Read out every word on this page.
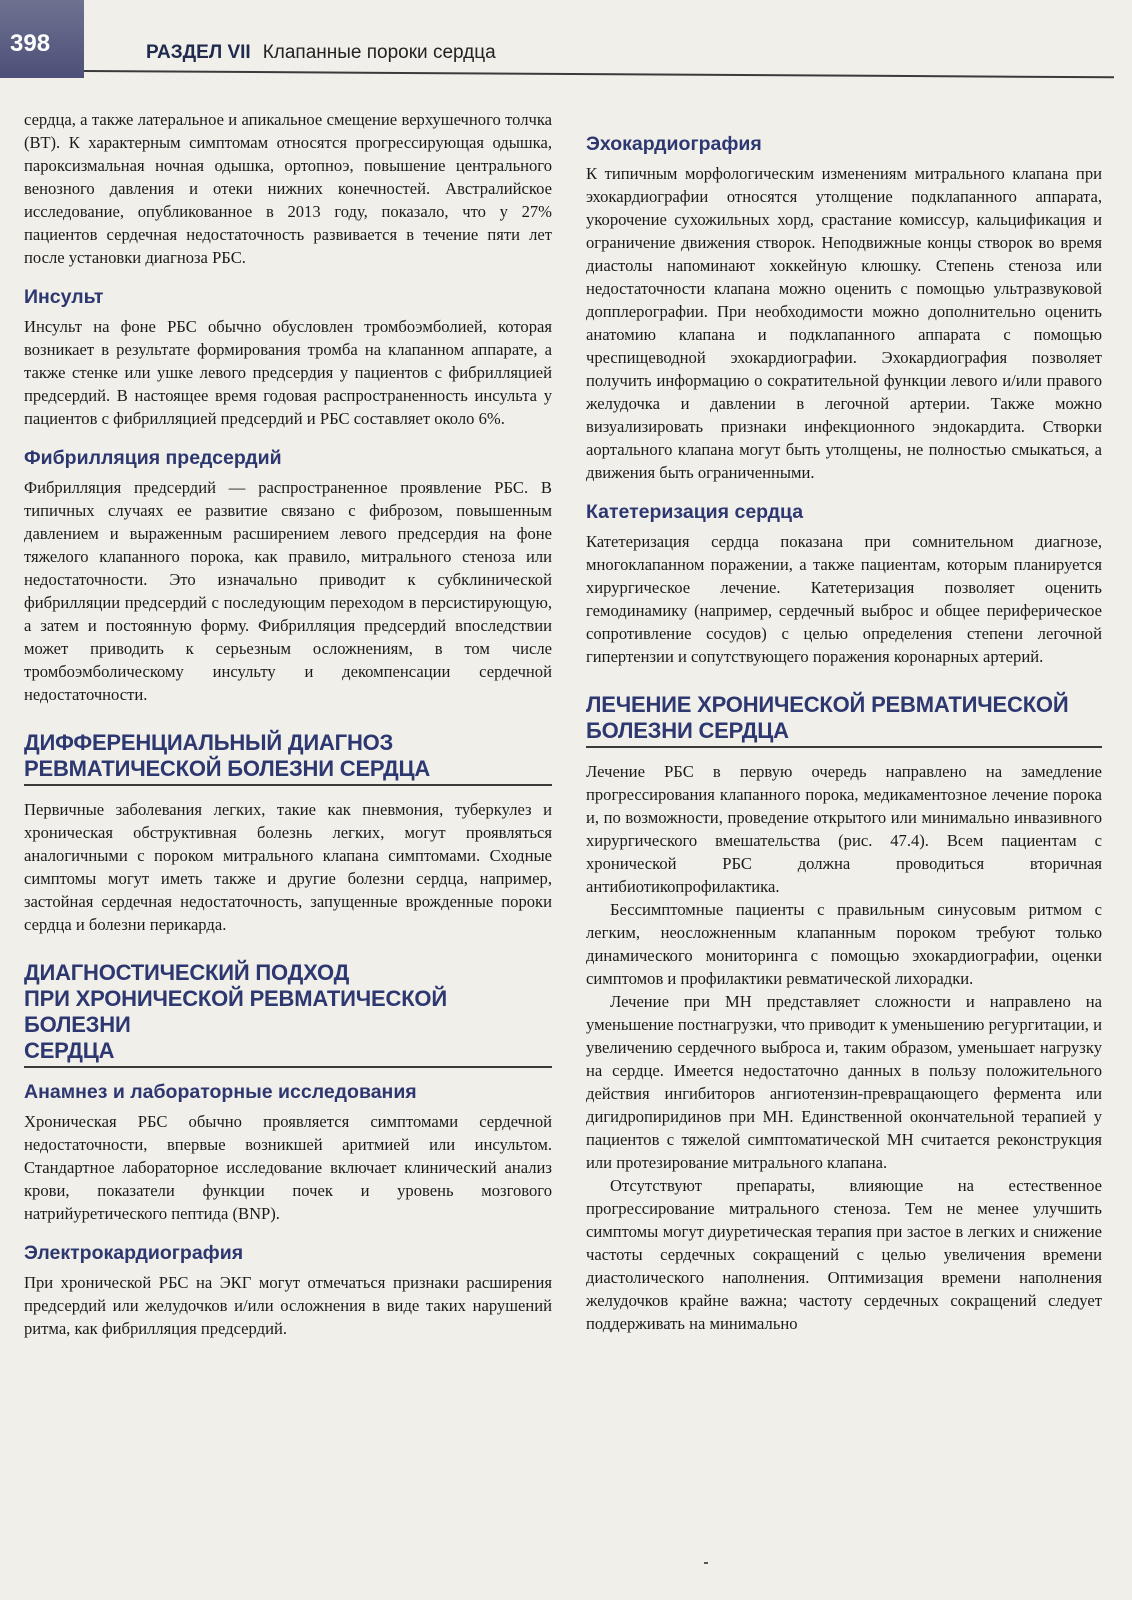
398	РАЗДЕЛ VII Клапанные пороки сердца

сердца, а также латеральное и апикальное смещение верхушечного толчка (ВТ). К характерным симптомам относятся прогрессирующая одышка, пароксизмальная ночная одышка, ортопноэ, повышение центрального венозного давления и отеки нижних конечностей. Австралийское исследование, опубликованное в 2013 году, показало, что у 27% пациентов сердечная недостаточность развивается в течение пяти лет после установки диагноза РБС.

Инсульт

Инсульт на фоне РБС обычно обусловлен тромбоэмболией, которая возникает в результате формирования тромба на клапанном аппарате, а также стенке или ушке левого предсердия у пациентов с фибрилляцией предсердий. В настоящее время годовая распространенность инсульта у пациентов с фибрилляцией предсердий и РБС составляет около 6%.

Фибрилляция предсердий

Фибрилляция предсердий — распространенное проявление РБС. В типичных случаях ее развитие связано с фиброзом, повышенным давлением и выраженным расширением левого предсердия на фоне тяжелого клапанного порока, как правило, митрального стеноза или недостаточности. Это изначально приводит к субклинической фибрилляции предсердий с последующим переходом в персистирующую, а затем и постоянную форму. Фибрилляция предсердий впоследствии может приводить к серьезным осложнениям, в том числе тромбоэмболическому инсульту и декомпенсации сердечной недостаточности.

ДИФФЕРЕНЦИАЛЬНЫЙ ДИАГНОЗ
РЕВМАТИЧЕСКОЙ БОЛЕЗНИ СЕРДЦА

Первичные заболевания легких, такие как пневмония, туберкулез и хроническая обструктивная болезнь легких, могут проявляться аналогичными с пороком митрального клапана симптомами. Сходные симптомы могут иметь также и другие болезни сердца, например, застойная сердечная недостаточность, запущенные врожденные пороки сердца и болезни перикарда.

ДИАГНОСТИЧЕСКИЙ ПОДХОД
ПРИ ХРОНИЧЕСКОЙ РЕВМАТИЧЕСКОЙ БОЛЕЗНИ
СЕРДЦА
Анамнез и лабораторные исследования

Хроническая РБС обычно проявляется симптомами сердечной недостаточности, впервые возникшей аритмией или инсультом. Стандартное лабораторное исследование включает клинический анализ крови, показатели функции почек и уровень мозгового натрийуретического пептида (BNP).

Электрокардиография

При хронической РБС на ЭКГ могут отмечаться признаки расширения предсердий или желудочков и/или осложнения в виде таких нарушений ритма, как фибрилляция предсердий.

Эхокардиография

К типичным морфологическим изменениям митрального клапана при эхокардиографии относятся утолщение подклапанного аппарата, укорочение сухожильных хорд, срастание комиссур, кальцификация и ограничение движения створок. Неподвижные концы створок во время диастолы напоминают хоккейную клюшку. Степень стеноза или недостаточности клапана можно оценить с помощью ультразвуковой допплерографии. При необходимости можно дополнительно оценить анатомию клапана и подклапанного аппарата с помощью чреспищеводной эхокардиографии. Эхокардиография позволяет получить информацию о сократительной функции левого и/или правого желудочка и давлении в легочной артерии. Также можно визуализировать признаки инфекционного эндокардита. Створки аортального клапана могут быть утолщены, не полностью смыкаться, а движения быть ограниченными.

Катетеризация сердца

Катетеризация сердца показана при сомнительном диагнозе, многоклапанном поражении, а также пациентам, которым планируется хирургическое лечение. Катетеризация позволяет оценить гемодинамику (например, сердечный выброс и общее периферическое сопротивление сосудов) с целью определения степени легочной гипертензии и сопутствующего поражения коронарных артерий.

ЛЕЧЕНИЕ ХРОНИЧЕСКОЙ РЕВМАТИЧЕСКОЙ
БОЛЕЗНИ СЕРДЦА

Лечение РБС в первую очередь направлено на замедление прогрессирования клапанного порока, медикаментозное лечение порока и, по возможности, проведение открытого или минимально инвазивного хирургического вмешательства (рис. 47.4). Всем пациентам с хронической РБС должна проводиться вторичная антибиотикопрофилактика.

Бессимптомные пациенты с правильным синусовым ритмом с легким, неосложненным клапанным пороком требуют только динамического мониторинга с помощью эхокардиографии, оценки симптомов и профилактики ревматической лихорадки.

Лечение при МН представляет сложности и направлено на уменьшение постнагрузки, что приводит к уменьшению регургитации, и увеличению сердечного выброса и, таким образом, уменьшает нагрузку на сердце. Имеется недостаточно данных в пользу положительного действия ингибиторов ангиотензин-превращающего фермента или дигидропиридинов при МН. Единственной окончательной терапией у пациентов с тяжелой симптоматической МН считается реконструкция или протезирование митрального клапана.

Отсутствуют препараты, влияющие на естественное прогрессирование митрального стеноза. Тем не менее улучшить симптомы могут диуретическая терапия при застое в легких и снижение частоты сердечных сокращений с целью увеличения времени диастолического наполнения. Оптимизация времени наполнения желудочков крайне важна; частоту сердечных сокращений следует поддерживать на минимально
